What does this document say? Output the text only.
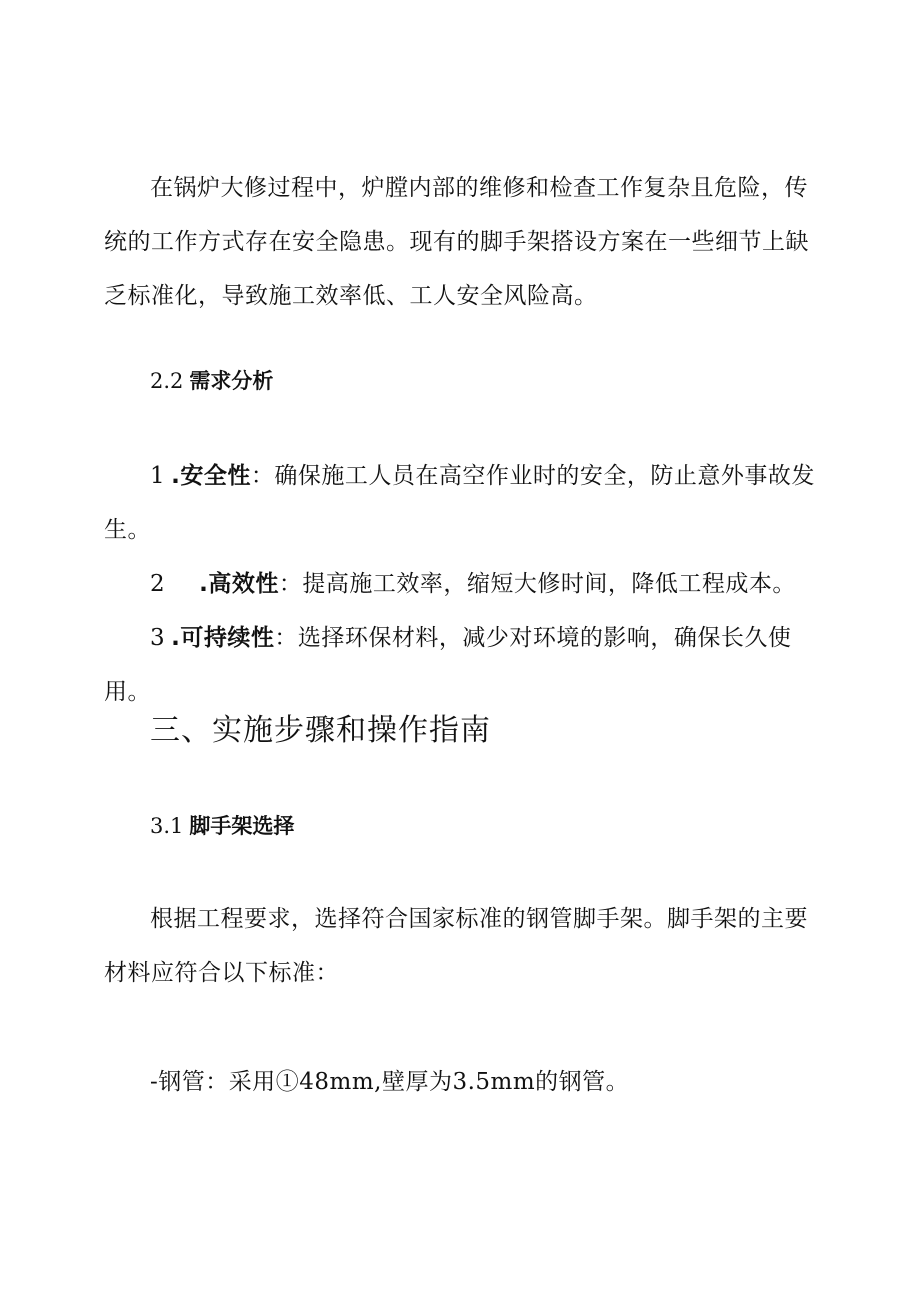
在锅炉大修过程中，炉膛内部的维修和检查工作复杂且危险，传统的工作方式存在安全隐患。现有的脚手架搭设方案在一些细节上缺乏标准化，导致施工效率低、工人安全风险高。

2.2 需求分析

1 .安全性：确保施工人员在高空作业时的安全，防止意外事故发生。

2 .高效性：提高施工效率，缩短大修时间，降低工程成本。

3 .可持续性：选择环保材料，减少对环境的影响，确保长久使用。

三、实施步骤和操作指南

3.1 脚手架选择

根据工程要求，选择符合国家标准的钢管脚手架。脚手架的主要材料应符合以下标准：

-钢管：采用①48mm,壁厚为3.5mm的钢管。
